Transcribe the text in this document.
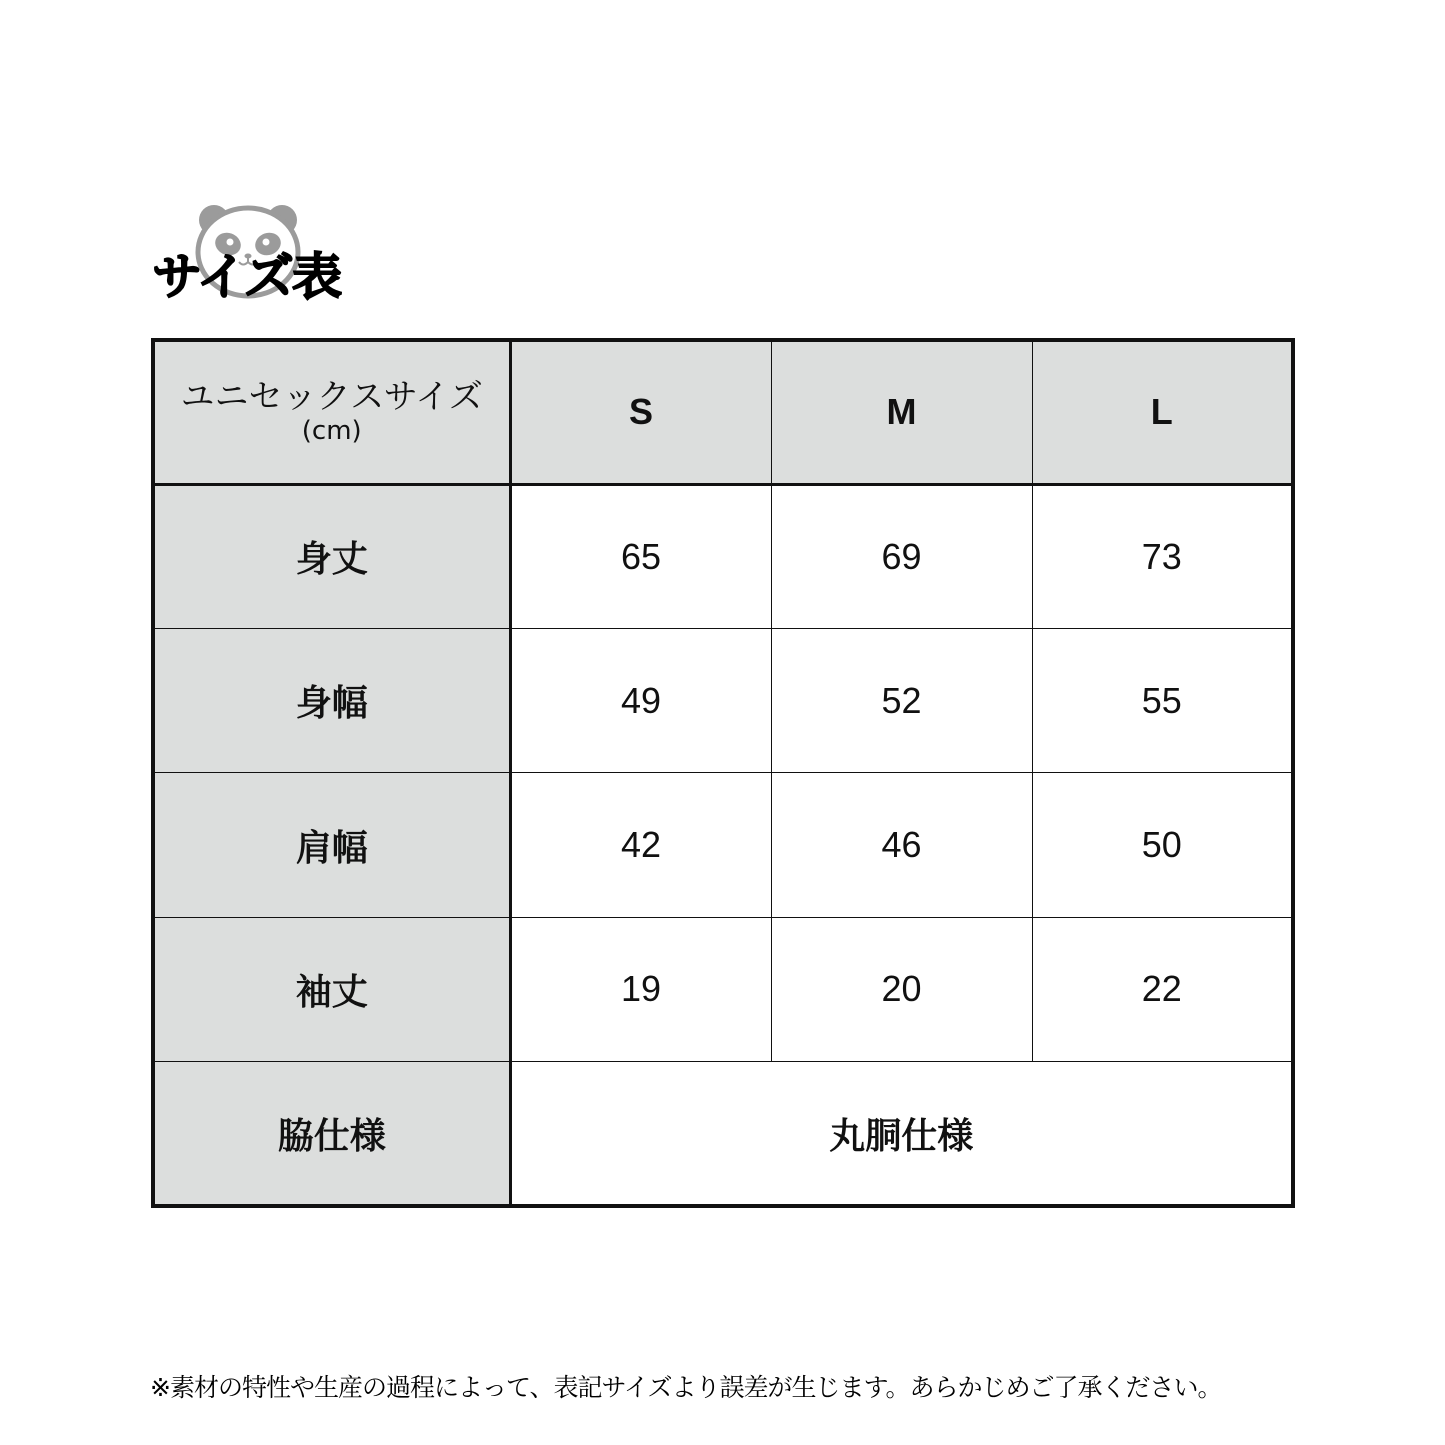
サイズ表
ユニセックスサイズ
(cm)	S	M	L
身丈	65	69	73
身幅	49	52	55
肩幅	42	46	50
袖丈	19	20	22
脇仕様	丸胴仕様		
※素材の特性や生産の過程によって、表記サイズより誤差が生じます。あらかじめご了承ください。
